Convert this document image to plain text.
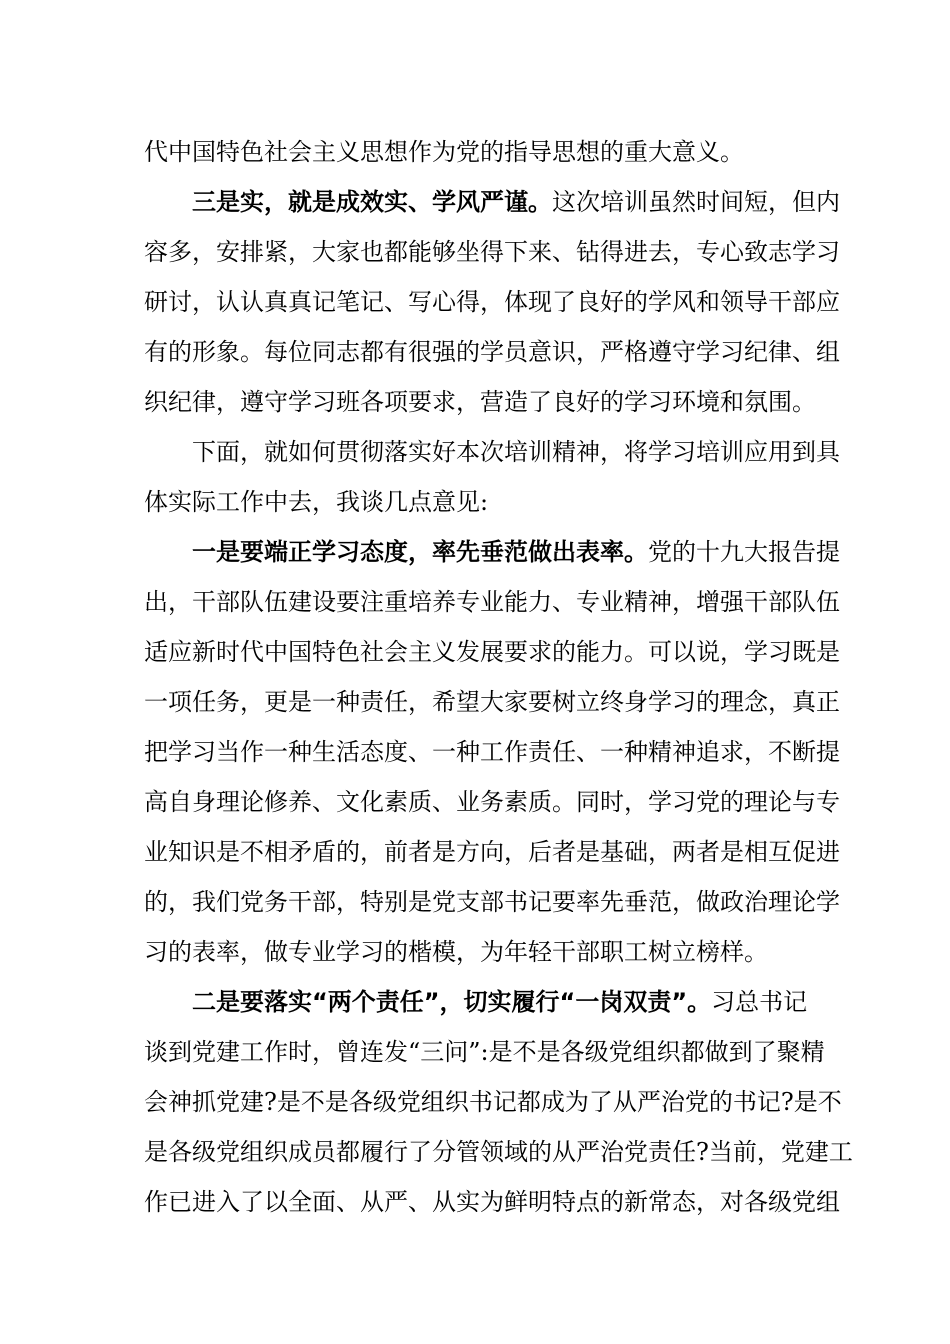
代中国特色社会主义思想作为党的指导思想的重大意义。
三是实，就是成效实、学风严谨。这次培训虽然时间短，但内
容多，安排紧，大家也都能够坐得下来、钻得进去，专心致志学习
研讨，认认真真记笔记、写心得，体现了良好的学风和领导干部应
有的形象。每位同志都有很强的学员意识，严格遵守学习纪律、组
织纪律，遵守学习班各项要求，营造了良好的学习环境和氛围。
下面，就如何贯彻落实好本次培训精神，将学习培训应用到具
体实际工作中去，我谈几点意见:
一是要端正学习态度，率先垂范做出表率。党的十九大报告提
出，干部队伍建设要注重培养专业能力、专业精神，增强干部队伍
适应新时代中国特色社会主义发展要求的能力。可以说，学习既是
一项任务，更是一种责任，希望大家要树立终身学习的理念，真正
把学习当作一种生活态度、一种工作责任、一种精神追求，不断提
高自身理论修养、文化素质、业务素质。同时，学习党的理论与专
业知识是不相矛盾的，前者是方向，后者是基础，两者是相互促进
的，我们党务干部，特别是党支部书记要率先垂范，做政治理论学
习的表率，做专业学习的楷模，为年轻干部职工树立榜样。
二是要落实“两个责任”，切实履行“一岗双责”。习总书记
谈到党建工作时，曾连发“三问”:是不是各级党组织都做到了聚精
会神抓党建?是不是各级党组织书记都成为了从严治党的书记?是不
是各级党组织成员都履行了分管领域的从严治党责任?当前，党建工
作已进入了以全面、从严、从实为鲜明特点的新常态，对各级党组
